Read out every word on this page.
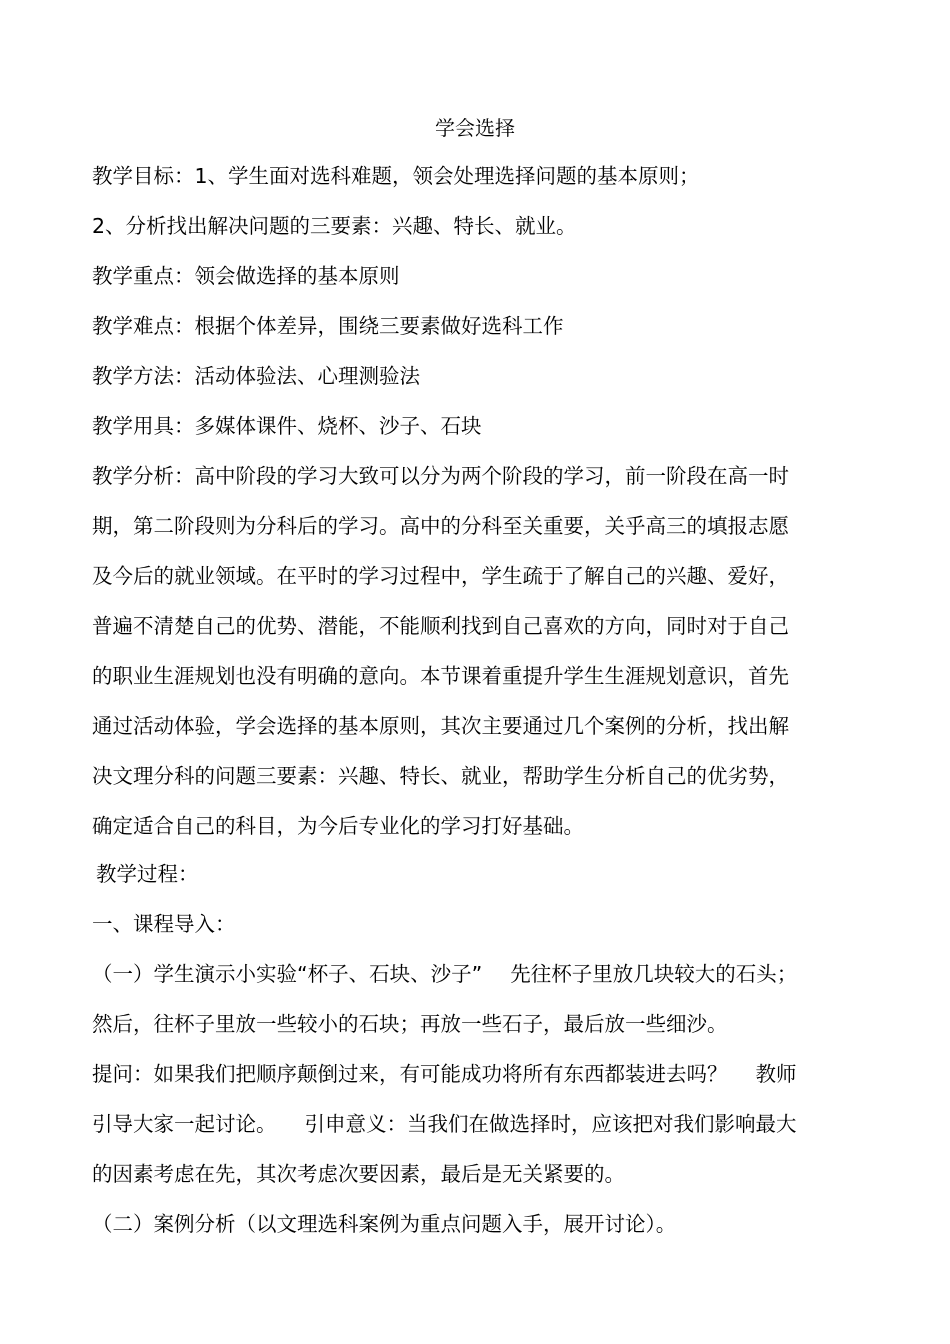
学会选择
教学目标：1、学生面对选科难题，领会处理选择问题的基本原则；
2、分析找出解决问题的三要素：兴趣、特长、就业。
教学重点：领会做选择的基本原则
教学难点：根据个体差异，围绕三要素做好选科工作
教学方法：活动体验法、心理测验法
教学用具：多媒体课件、烧杯、沙子、石块
教学分析：高中阶段的学习大致可以分为两个阶段的学习，前一阶段在高一时
期，第二阶段则为分科后的学习。高中的分科至关重要，关乎高三的填报志愿
及今后的就业领域。在平时的学习过程中，学生疏于了解自己的兴趣、爱好，
普遍不清楚自己的优势、潜能，不能顺利找到自己喜欢的方向，同时对于自己
的职业生涯规划也没有明确的意向。本节课着重提升学生生涯规划意识，首先
通过活动体验，学会选择的基本原则，其次主要通过几个案例的分析，找出解
决文理分科的问题三要素：兴趣、特长、就业，帮助学生分析自己的优劣势，
确定适合自己的科目，为今后专业化的学习打好基础。
教学过程：
一、课程导入：
（一）学生演示小实验“杯子、石块、沙子” 先往杯子里放几块较大的石头；
然后，往杯子里放一些较小的石块；再放一些石子，最后放一些细沙。
提问：如果我们把顺序颠倒过来，有可能成功将所有东西都装进去吗？ 教师
引导大家一起讨论。 引申意义：当我们在做选择时，应该把对我们影响最大
的因素考虑在先，其次考虑次要因素，最后是无关紧要的。
（二）案例分析（以文理选科案例为重点问题入手，展开讨论）。
